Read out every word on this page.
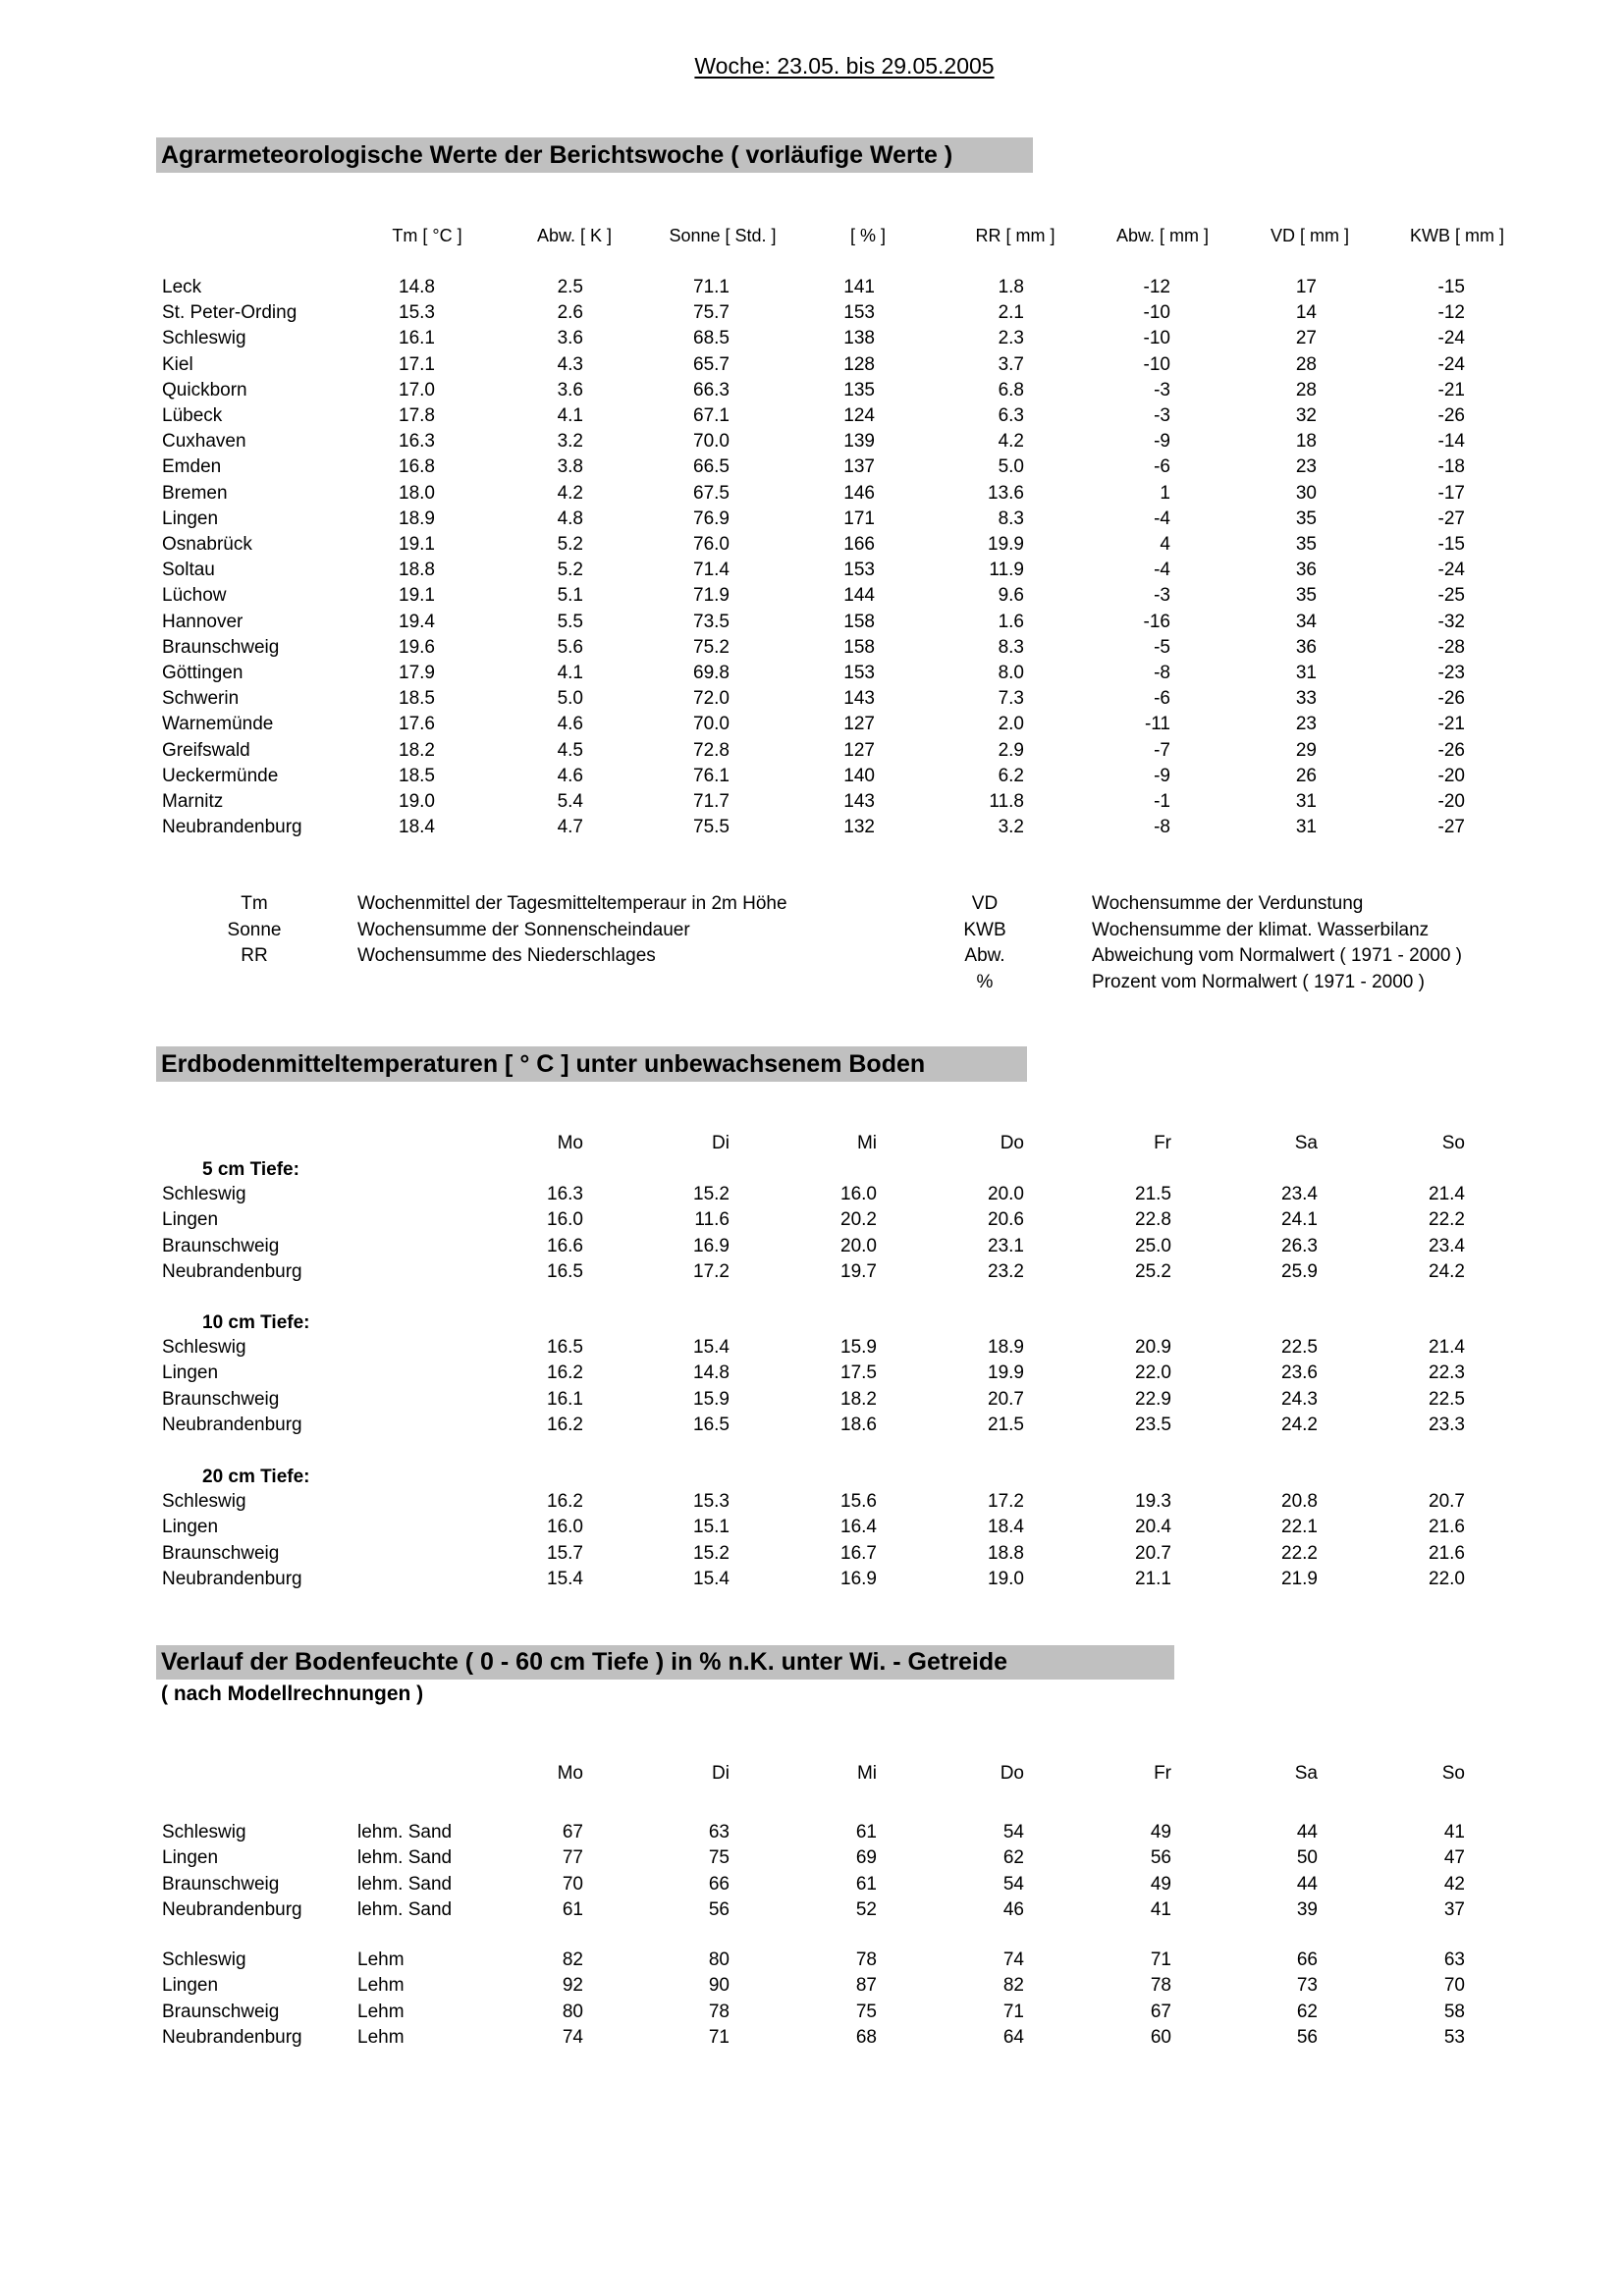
Woche: 23.05. bis 29.05.2005
Agrarmeteorologische Werte der Berichtswoche ( vorläufige Werte )
Erdbodenmitteltemperaturen [ ° C ] unter unbewachsenem Boden
Verlauf der Bodenfeuchte ( 0 - 60 cm Tiefe ) in % n.K. unter Wi. - Getreide
( nach Modellrechnungen )
Tm [ °C ]	Abw. [ K ]	Sonne [ Std. ]	[ % ]	RR [ mm ]	Abw. [ mm ]	VD [ mm ]	KWB [ mm ]
Leck	14.8	2.5	71.1	141	1.8	-12	17	-15
St. Peter-Ording	15.3	2.6	75.7	153	2.1	-10	14	-12
Schleswig	16.1	3.6	68.5	138	2.3	-10	27	-24
Kiel	17.1	4.3	65.7	128	3.7	-10	28	-24
Quickborn	17.0	3.6	66.3	135	6.8	-3	28	-21
Lübeck	17.8	4.1	67.1	124	6.3	-3	32	-26
Cuxhaven	16.3	3.2	70.0	139	4.2	-9	18	-14
Emden	16.8	3.8	66.5	137	5.0	-6	23	-18
Bremen	18.0	4.2	67.5	146	13.6	1	30	-17
Lingen	18.9	4.8	76.9	171	8.3	-4	35	-27
Osnabrück	19.1	5.2	76.0	166	19.9	4	35	-15
Soltau	18.8	5.2	71.4	153	11.9	-4	36	-24
Lüchow	19.1	5.1	71.9	144	9.6	-3	35	-25
Hannover	19.4	5.5	73.5	158	1.6	-16	34	-32
Braunschweig	19.6	5.6	75.2	158	8.3	-5	36	-28
Göttingen	17.9	4.1	69.8	153	8.0	-8	31	-23
Schwerin	18.5	5.0	72.0	143	7.3	-6	33	-26
Warnemünde	17.6	4.6	70.0	127	2.0	-11	23	-21
Greifswald	18.2	4.5	72.8	127	2.9	-7	29	-26
Ueckermünde	18.5	4.6	76.1	140	6.2	-9	26	-20
Marnitz	19.0	5.4	71.7	143	11.8	-1	31	-20
Neubrandenburg	18.4	4.7	75.5	132	3.2	-8	31	-27
Tm	Wochenmittel der Tagesmitteltemperaur in 2m Höhe
Sonne	Wochensumme der Sonnenscheindauer
RR	Wochensumme des Niederschlages
VD	Wochensumme der Verdunstung
KWB	Wochensumme der klimat. Wasserbilanz
Abw.	Abweichung vom Normalwert ( 1971 - 2000 )
%	Prozent vom Normalwert ( 1971 - 2000 )
Mo	Di	Mi	Do	Fr	Sa	So
5 cm Tiefe:
Schleswig	16.3	15.2	16.0	20.0	21.5	23.4	21.4
Lingen	16.0	11.6	20.2	20.6	22.8	24.1	22.2
Braunschweig	16.6	16.9	20.0	23.1	25.0	26.3	23.4
Neubrandenburg	16.5	17.2	19.7	23.2	25.2	25.9	24.2
10 cm Tiefe:
Schleswig	16.5	15.4	15.9	18.9	20.9	22.5	21.4
Lingen	16.2	14.8	17.5	19.9	22.0	23.6	22.3
Braunschweig	16.1	15.9	18.2	20.7	22.9	24.3	22.5
Neubrandenburg	16.2	16.5	18.6	21.5	23.5	24.2	23.3
20 cm Tiefe:
Schleswig	16.2	15.3	15.6	17.2	19.3	20.8	20.7
Lingen	16.0	15.1	16.4	18.4	20.4	22.1	21.6
Braunschweig	15.7	15.2	16.7	18.8	20.7	22.2	21.6
Neubrandenburg	15.4	15.4	16.9	19.0	21.1	21.9	22.0
Mo	Di	Mi	Do	Fr	Sa	So
Schleswig	lehm. Sand	67	63	61	54	49	44	41
Lingen	lehm. Sand	77	75	69	62	56	50	47
Braunschweig	lehm. Sand	70	66	61	54	49	44	42
Neubrandenburg	lehm. Sand	61	56	52	46	41	39	37
Schleswig	Lehm	82	80	78	74	71	66	63
Lingen	Lehm	92	90	87	82	78	73	70
Braunschweig	Lehm	80	78	75	71	67	62	58
Neubrandenburg	Lehm	74	71	68	64	60	56	53
